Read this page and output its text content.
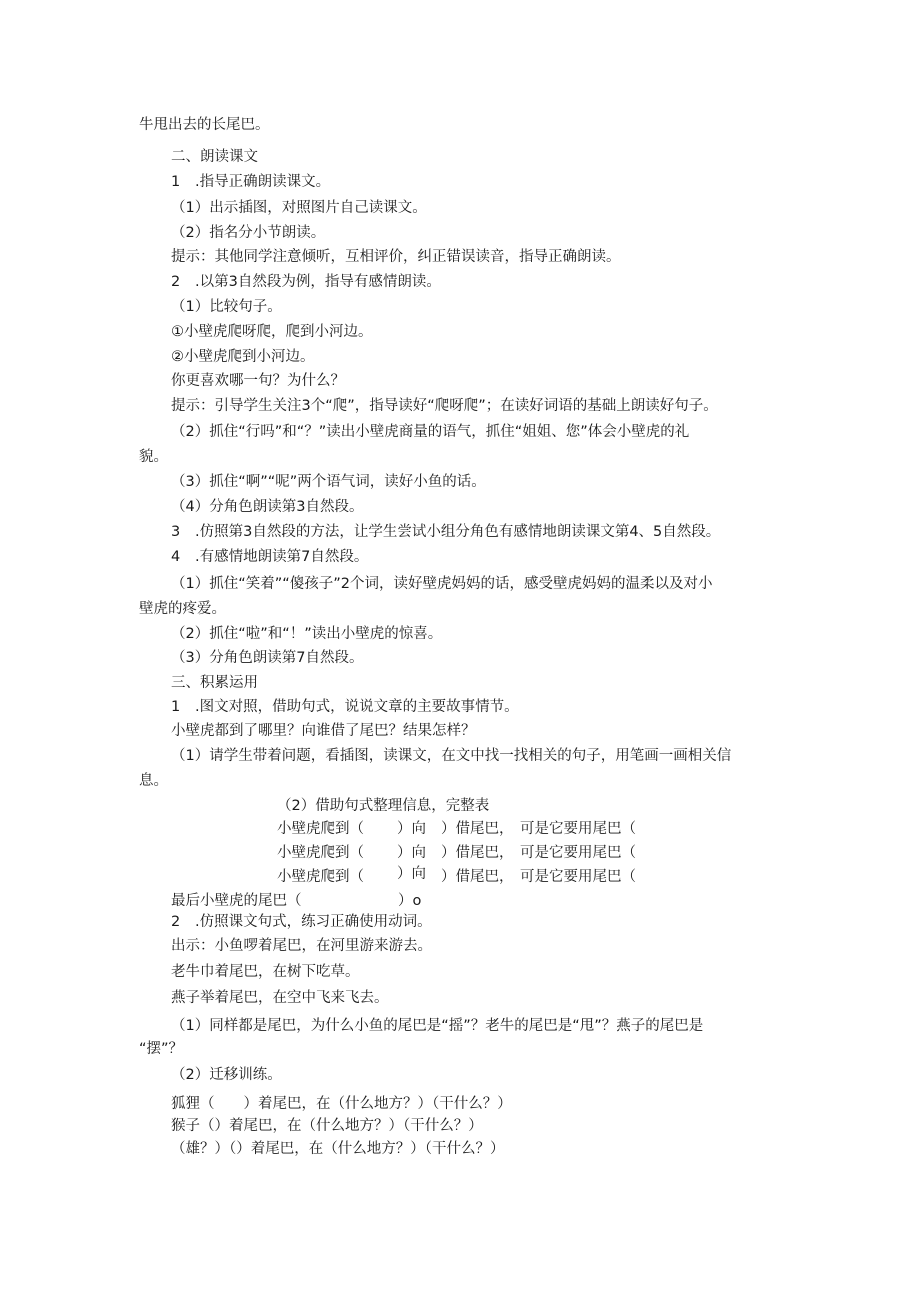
牛甩出去的长尾巴。
二、朗读课文
1 .指导正确朗读课文。
（1）出示插图，对照图片自己读课文。
（2）指名分小节朗读。
提示：其他同学注意倾听，互相评价，纠正错误读音，指导正确朗读。
2 .以第3自然段为例，指导有感情朗读。
（1）比较句子。
①小壁虎爬呀爬，爬到小河边。
②小壁虎爬到小河边。
你更喜欢哪一句？为什么？
提示：引导学生关注3个“爬”，指导读好“爬呀爬”；在读好词语的基础上朗读好句子。
（2）抓住“行吗”和“？”读出小壁虎商量的语气，抓住“姐姐、您”体会小壁虎的礼
貌。
（3）抓住“啊”“呢”两个语气词，读好小鱼的话。
（4）分角色朗读第3自然段。
3 .仿照第3自然段的方法，让学生尝试小组分角色有感情地朗读课文第4、5自然段。
4 .有感情地朗读第7自然段。
（1）抓住“笑着”“傻孩子”2个词，读好壁虎妈妈的话，感受壁虎妈妈的温柔以及对小
壁虎的疼爱。
（2）抓住“啦”和“！”读出小壁虎的惊喜。
（3）分角色朗读第7自然段。
三、积累运用
1 .图文对照，借助句式，说说文章的主要故事情节。
小壁虎都到了哪里？向谁借了尾巴？结果怎样？
（1）请学生带着问题，看插图，读课文，在文中找一找相关的句子，用笔画一画相关信
息。
（2）借助句式整理信息，完整表
小壁虎爬到（ ）向 ）借尾巴， 可是它要用尾巴（
小壁虎爬到（ ）向 ）借尾巴， 可是它要用尾巴（
小壁虎爬到（ ）向 ）借尾巴， 可是它要用尾巴（
最后小壁虎的尾巴（	）o
2 .仿照课文句式，练习正确使用动词。
出示：小鱼啰着尾巴，在河里游来游去。
老牛巾着尾巴，在树下吃草。
燕子举着尾巴，在空中飞来飞去。
（1）同样都是尾巴，为什么小鱼的尾巴是“摇”？老牛的尾巴是“甩”？燕子的尾巴是
“摆”？
（2）迁移训练。
狐狸（　　）着尾巴，在（什么地方？）（干什么？）
猴子（）着尾巴，在（什么地方？）（干什么？）
（雄？）（）着尾巴，在（什么地方？）（干什么？）
